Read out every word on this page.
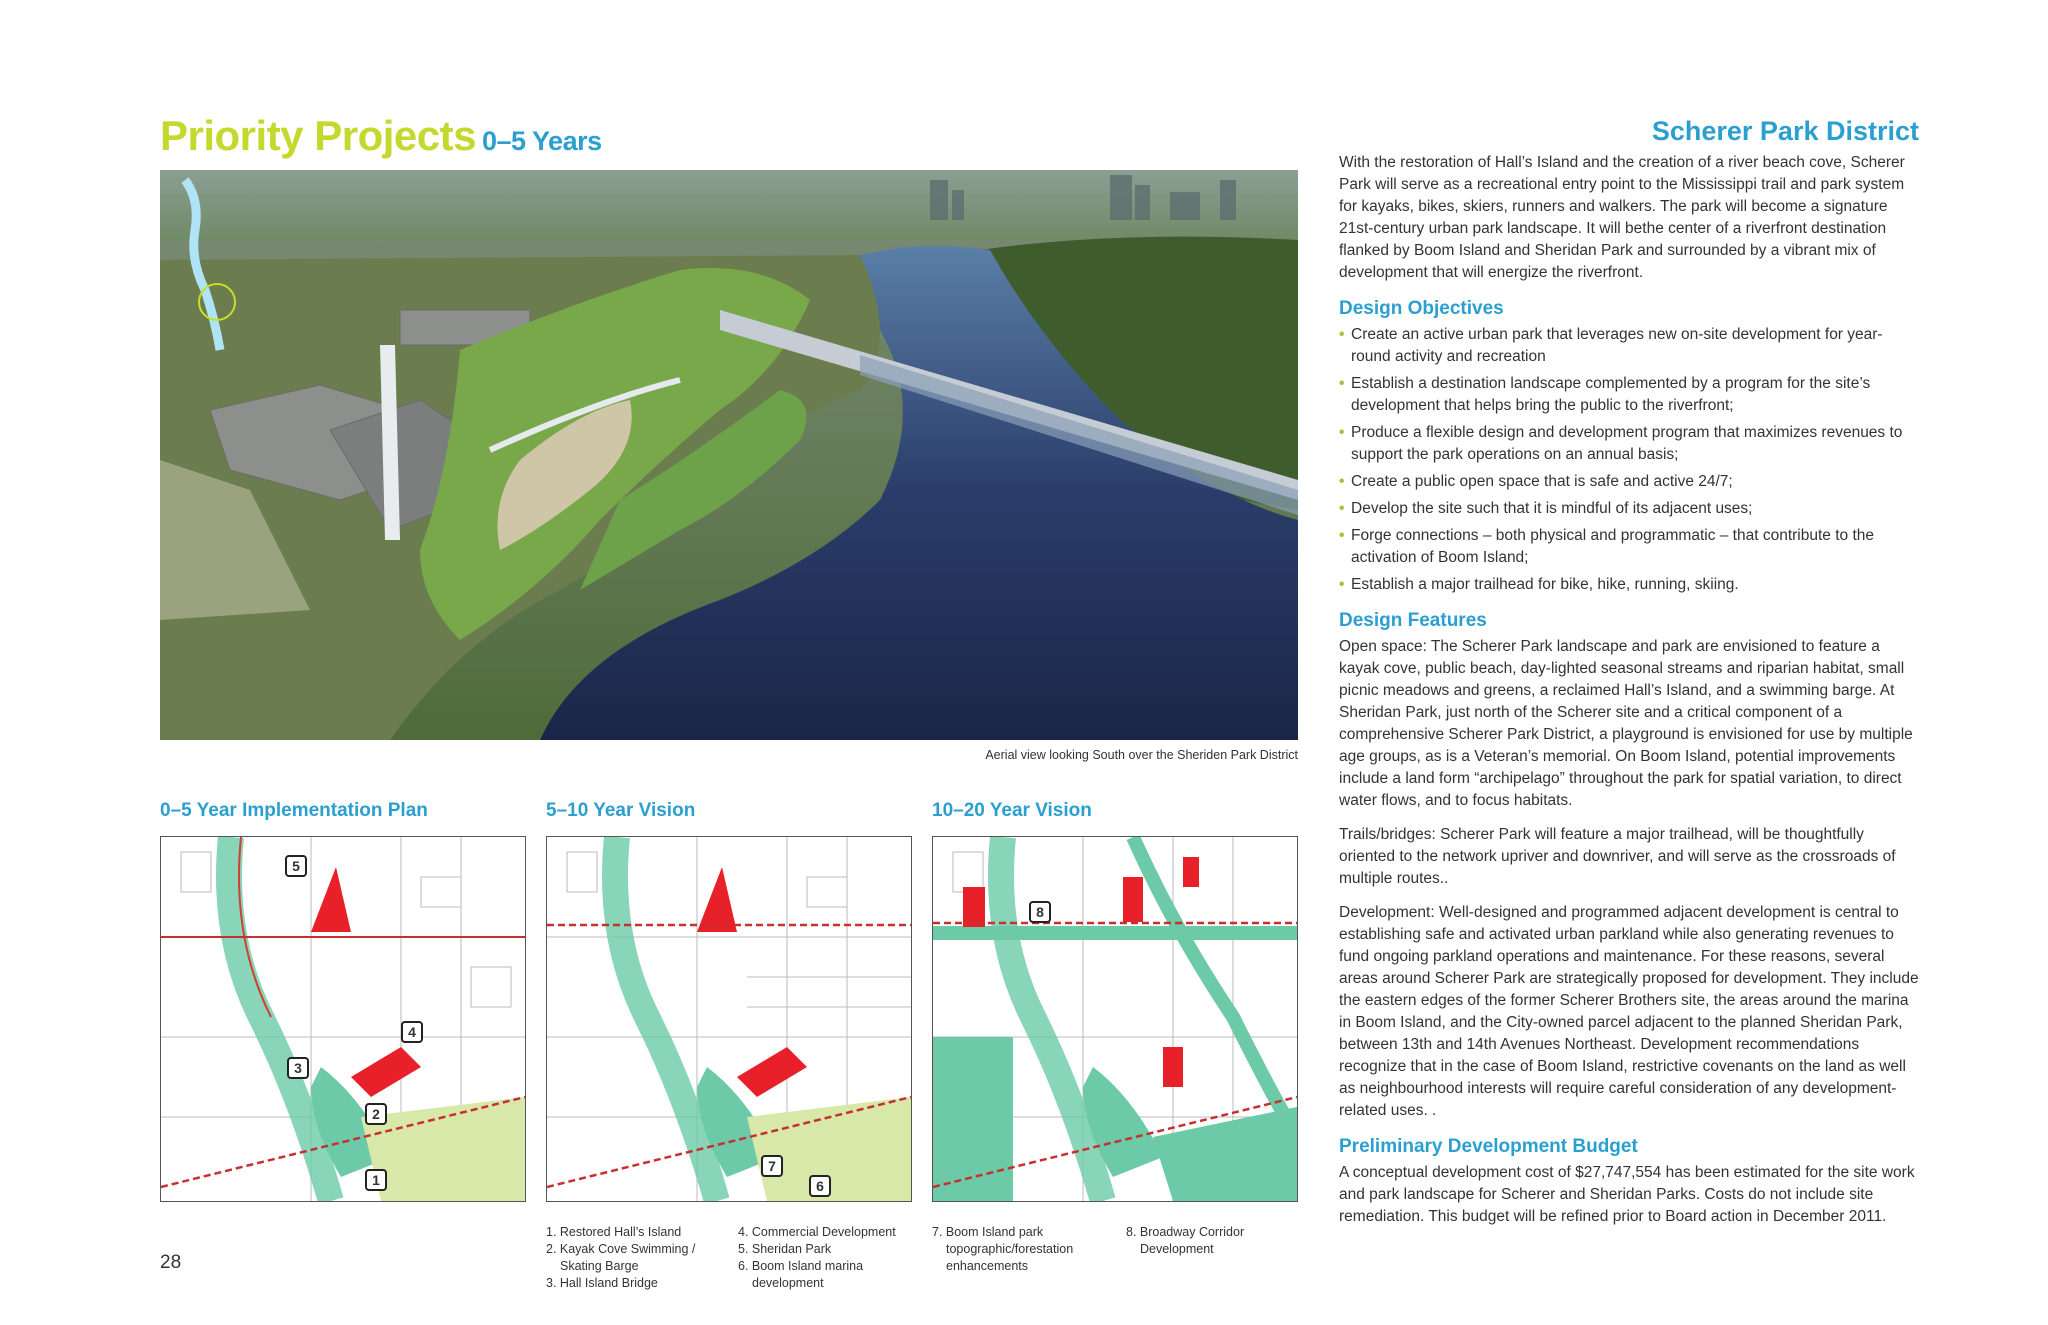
Priority Projects 0–5 Years
Aerial view looking South over the Sheriden Park District
0–5 Year Implementation Plan	5–10 Year Vision	10–20 Year Vision
5
4
3
2
1
7
6
8
1. Restored Hall’s Island
2. Kayak Cove Swimming /
Skating Barge
3. Hall Island Bridge
4. Commercial Development
5. Sheridan Park
6. Boom Island marina
development
7. Boom Island park
topographic/forestation
enhancements
8. Broadway Corridor
Development
28
Scherer Park District

With the restoration of Hall’s Island and the creation of a river beach cove, Scherer Park will serve as a recreational entry point to the Mississippi trail and park system for kayaks, bikes, skiers, runners and walkers. The park will become a signature 21st-century urban park landscape. It will bethe center of a riverfront destination flanked by Boom Island and Sheridan Park and surrounded by a vibrant mix of development that will energize the riverfront.

Design Objectives
• Create an active urban park that leverages new on-site development for year-round activity and recreation
• Establish a destination landscape complemented by a program for the site’s development that helps bring the public to the riverfront;
• Produce a flexible design and development program that maximizes revenues to support the park operations on an annual basis;
• Create a public open space that is safe and active 24/7;
• Develop the site such that it is mindful of its adjacent uses;
• Forge connections – both physical and programmatic – that contribute to the activation of Boom Island;
• Establish a major trailhead for bike, hike, running, skiing.
Design Features

Open space: The Scherer Park landscape and park are envisioned to feature a kayak cove, public beach, day-lighted seasonal streams and riparian habitat, small picnic meadows and greens, a reclaimed Hall’s Island, and a swimming barge. At Sheridan Park, just north of the Scherer site and a critical component of a comprehensive Scherer Park District, a playground is envisioned for use by multiple age groups, as is a Veteran’s memorial. On Boom Island, potential improvements include a land form “archipelago” throughout the park for spatial variation, to direct water flows, and to focus habitats.

Trails/bridges: Scherer Park will feature a major trailhead, will be thoughtfully oriented to the network upriver and downriver, and will serve as the crossroads of multiple routes..

Development: Well-designed and programmed adjacent development is central to establishing safe and activated urban parkland while also generating revenues to fund ongoing parkland operations and maintenance. For these reasons, several areas around Scherer Park are strategically proposed for development. They include the eastern edges of the former Scherer Brothers site, the areas around the marina in Boom Island, and the City-owned parcel adjacent to the planned Sheridan Park, between 13th and 14th Avenues Northeast. Development recommendations recognize that in the case of Boom Island, restrictive covenants on the land as well as neighbourhood interests will require careful consideration of any development-related uses. .

Preliminary Development Budget

A conceptual development cost of $27,747,554 has been estimated for the site work and park landscape for Scherer and Sheridan Parks. Costs do not include site remediation. This budget will be refined prior to Board action in December 2011.
